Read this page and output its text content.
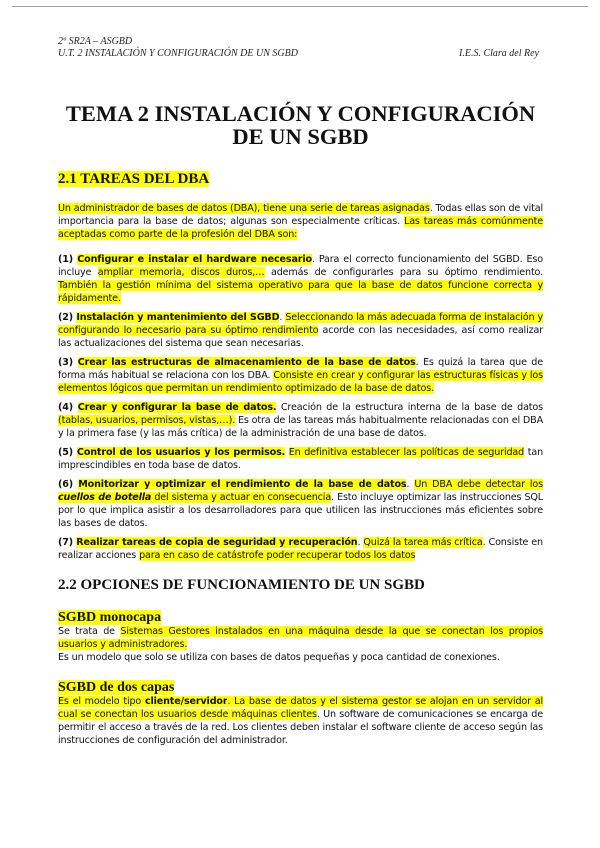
2º SR2A – ASGBD
U.T. 2 INSTALACIÓN Y CONFIGURACIÓN DE UN SGBD	I.E.S. Clara del Rey
TEMA 2 INSTALACIÓN Y CONFIGURACIÓN DE UN SGBD
2.1 TAREAS DEL DBA

Un administrador de bases de datos (DBA), tiene una serie de tareas asignadas. Todas ellas son de vital importancia para la base de datos; algunas son especialmente críticas. Las tareas más comúnmente aceptadas como parte de la profesión del DBA son:

(1) Configurar e instalar el hardware necesario. Para el correcto funcionamiento del SGBD. Eso incluye ampliar memoria, discos duros,… además de configurarles para su óptimo rendimiento. También la gestión mínima del sistema operativo para que la base de datos funcione correcta y rápidamente.

(2) Instalación y mantenimiento del SGBD. Seleccionando la más adecuada forma de instalación y configurando lo necesario para su óptimo rendimiento acorde con las necesidades, así como realizar las actualizaciones del sistema que sean necesarias.

(3) Crear las estructuras de almacenamiento de la base de datos. Es quizá la tarea que de forma más habitual se relaciona con los DBA. Consiste en crear y configurar las estructuras físicas y los elementos lógicos que permitan un rendimiento optimizado de la base de datos.

(4) Crear y configurar la base de datos. Creación de la estructura interna de la base de datos (tablas, usuarios, permisos, vistas,…). Es otra de las tareas más habitualmente relacionadas con el DBA y la primera fase (y las más crítica) de la administración de una base de datos.

(5) Control de los usuarios y los permisos. En definitiva establecer las políticas de seguridad tan imprescindibles en toda base de datos.

(6) Monitorizar y optimizar el rendimiento de la base de datos. Un DBA debe detectar los cuellos de botella del sistema y actuar en consecuencia. Esto incluye optimizar las instrucciones SQL por lo que implica asistir a los desarrolladores para que utilicen las instrucciones más eficientes sobre las bases de datos.

(7) Realizar tareas de copia de seguridad y recuperación. Quizá la tarea más crítica. Consiste en realizar acciones para en caso de catástrofe poder recuperar todos los datos

2.2 OPCIONES DE FUNCIONAMIENTO DE UN SGBD
SGBD monocapa

Se trata de Sistemas Gestores instalados en una máquina desde la que se conectan los propios usuarios y administradores.

Es un modelo que solo se utiliza con bases de datos pequeñas y poca cantidad de conexiones.

SGBD de dos capas

Es el modelo tipo cliente/servidor. La base de datos y el sistema gestor se alojan en un servidor al cual se conectan los usuarios desde máquinas clientes. Un software de comunicaciones se encarga de permitir el acceso a través de la red. Los clientes deben instalar el software cliente de acceso según las instrucciones de configuración del administrador.
